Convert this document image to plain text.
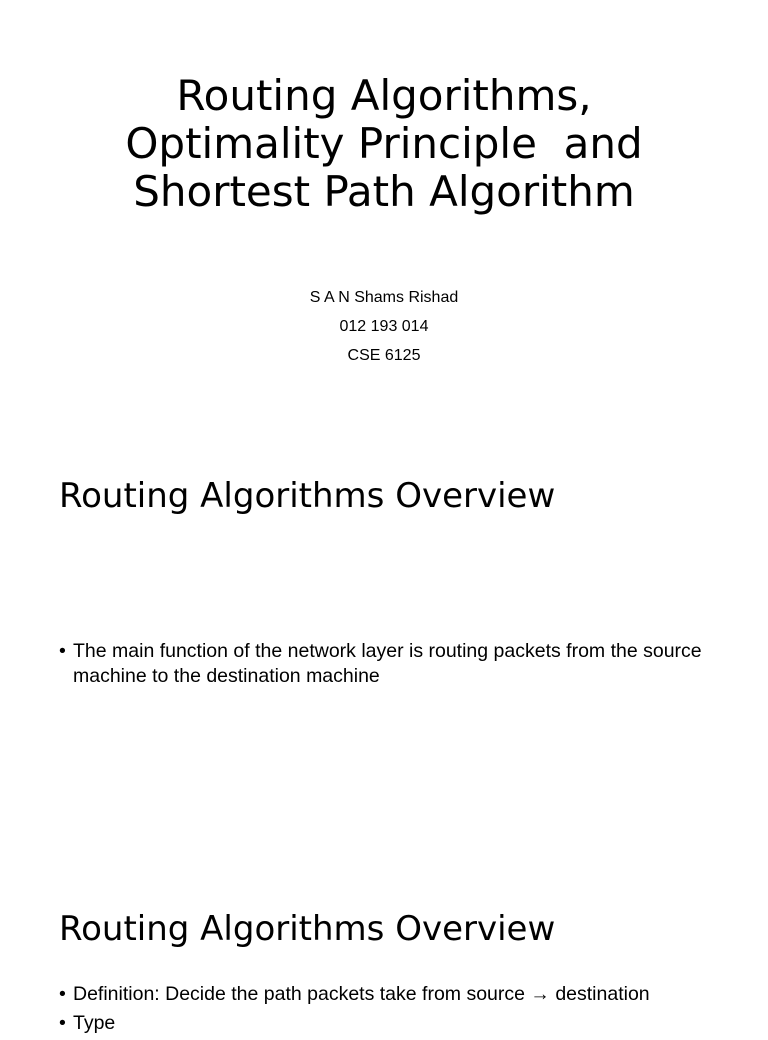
Routing Algorithms,
Optimality Principle  and
Shortest Path Algorithm
S A N Shams Rishad
012 193 014
CSE 6125
Routing Algorithms Overview
• The main function of the network layer is routing packets from the source machine to the destination machine
Routing Algorithms Overview
• Definition: Decide the path packets take from source → destination
• Type
